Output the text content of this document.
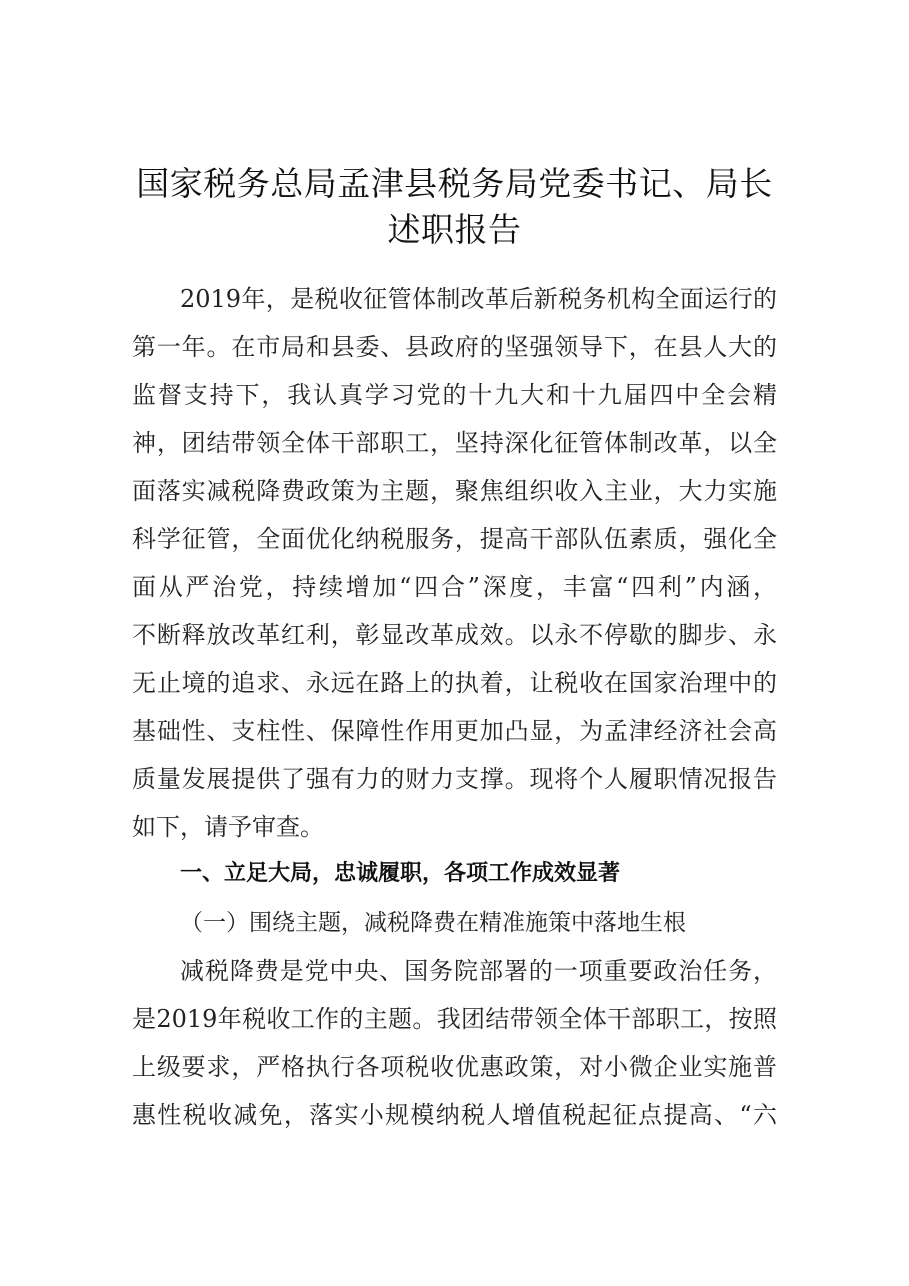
国家税务总局孟津县税务局党委书记、局长
述职报告
2019年，是税收征管体制改革后新税务机构全面运行的
第一年。在市局和县委、县政府的坚强领导下，在县人大的
监督支持下，我认真学习党的十九大和十九届四中全会精
神，团结带领全体干部职工，坚持深化征管体制改革，以全
面落实减税降费政策为主题，聚焦组织收入主业，大力实施
科学征管，全面优化纳税服务，提高干部队伍素质，强化全
面从严治党，持续增加“四合”深度，丰富“四利”内涵，
不断释放改革红利，彰显改革成效。以永不停歇的脚步、永
无止境的追求、永远在路上的执着，让税收在国家治理中的
基础性、支柱性、保障性作用更加凸显，为孟津经济社会高
质量发展提供了强有力的财力支撑。现将个人履职情况报告
如下，请予审查。
一、立足大局，忠诚履职，各项工作成效显著
（一）围绕主题，减税降费在精准施策中落地生根
减税降费是党中央、国务院部署的一项重要政治任务，
是2019年税收工作的主题。我团结带领全体干部职工，按照
上级要求，严格执行各项税收优惠政策，对小微企业实施普
惠性税收减免，落实小规模纳税人增值税起征点提高、“六
